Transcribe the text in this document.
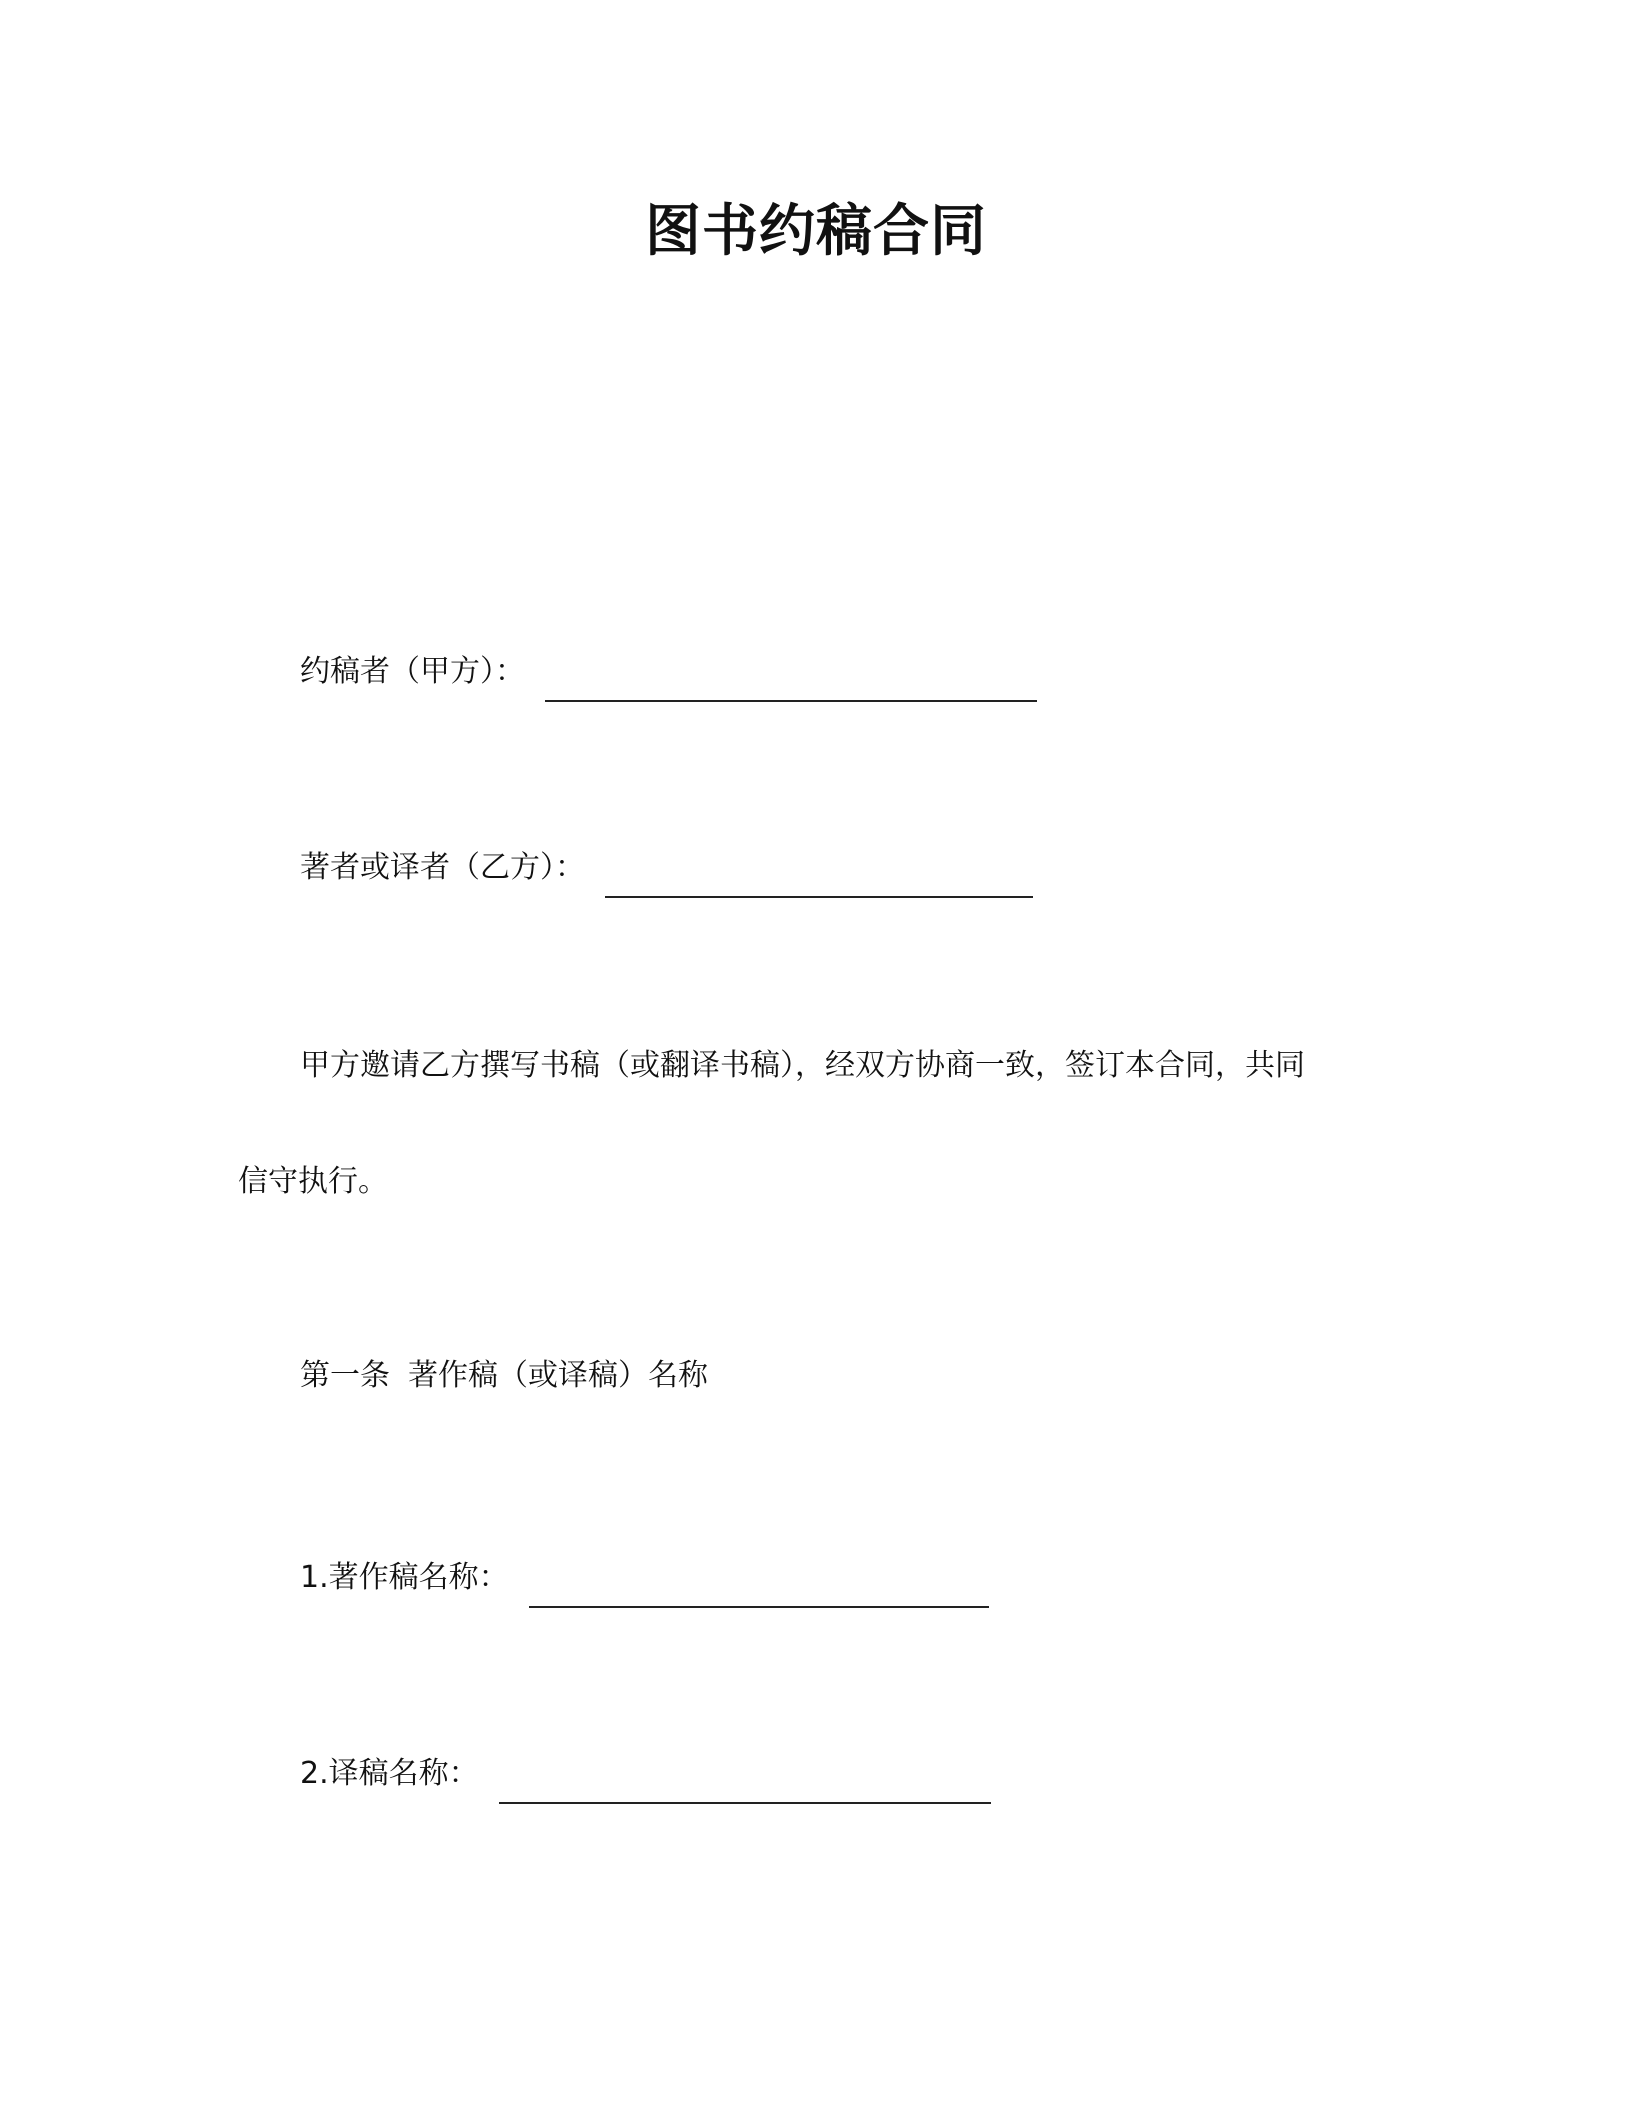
图书约稿合同
约稿者（甲方）：
著者或译者（乙方）：
甲方邀请乙方撰写书稿（或翻译书稿），经双方协商一致，签订本合同，共同
信守执行。
第一条 著作稿（或译稿）名称
1.著作稿名称：
2.译稿名称：
